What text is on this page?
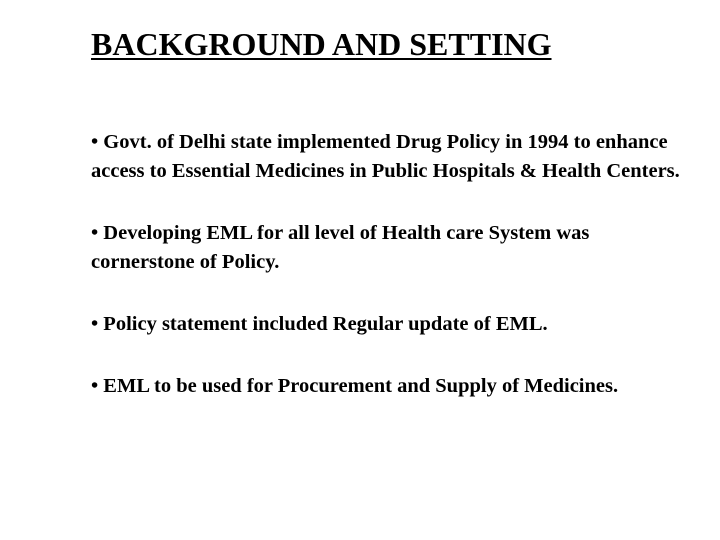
BACKGROUND AND SETTING
• Govt. of Delhi state implemented Drug Policy in 1994 to enhance access to Essential Medicines in Public Hospitals & Health Centers.
• Developing EML for all level of Health care System was cornerstone of Policy.
• Policy statement included Regular update of EML.
• EML to be used for Procurement and Supply of Medicines.
